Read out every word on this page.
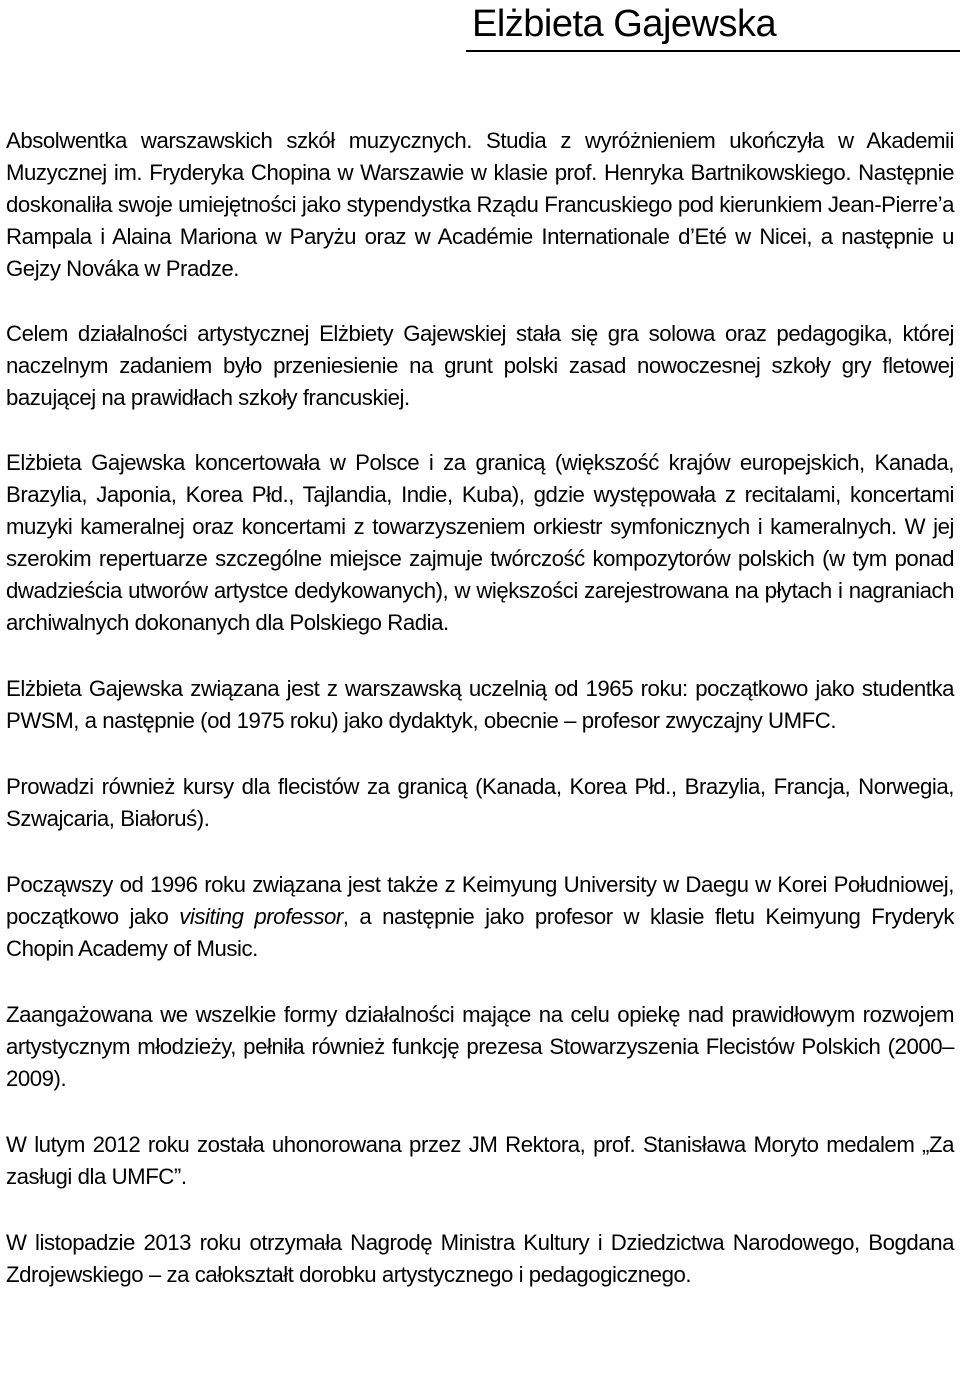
Elżbieta Gajewska

Absolwentka warszawskich szkół muzycznych. Studia z wyróżnieniem ukończyła w Akademii Muzycznej im. Fryderyka Chopina w Warszawie w klasie prof. Henryka Bartnikowskiego. Następnie doskonaliła swoje umiejętności jako stypendystka Rządu Francuskiego pod kierunkiem Jean-Pierre’a Rampala i Alaina Mariona w Paryżu oraz w Académie Internationale d’Eté w Nicei, a następnie u Gejzy Nováka w Pradze.

Celem działalności artystycznej Elżbiety Gajewskiej stała się gra solowa oraz pedagogika, której naczelnym zadaniem było przeniesienie na grunt polski zasad nowoczesnej szkoły gry fletowej bazującej na prawidłach szkoły francuskiej.

Elżbieta Gajewska koncertowała w Polsce i za granicą (większość krajów europejskich, Kanada, Brazylia, Japonia, Korea Płd., Tajlandia, Indie, Kuba), gdzie występowała z recitalami, koncertami muzyki kameralnej oraz koncertami z towarzyszeniem orkiestr symfonicznych i kameralnych. W jej szerokim repertuarze szczególne miejsce zajmuje twórczość kompozytorów polskich (w tym ponad dwadzieścia utworów artystce dedykowanych), w większości zarejestrowana na płytach i nagraniach archiwalnych dokonanych dla Polskiego Radia.

Elżbieta Gajewska związana jest z warszawską uczelnią od 1965 roku: początkowo jako studentka PWSM, a następnie (od 1975 roku) jako dydaktyk, obecnie – profesor zwyczajny UMFC.

Prowadzi również kursy dla flecistów za granicą (Kanada, Korea Płd., Brazylia, Francja, Norwegia, Szwajcaria, Białoruś).

Począwszy od 1996 roku związana jest także z Keimyung University w Daegu w Korei Południowej, początkowo jako visiting professor, a następnie jako profesor w klasie fletu Keimyung Fryderyk Chopin Academy of Music.

Zaangażowana we wszelkie formy działalności mające na celu opiekę nad prawidłowym rozwojem artystycznym młodzieży, pełniła również funkcję prezesa Stowarzyszenia Flecistów Polskich (2000–2009).

W lutym 2012 roku została uhonorowana przez JM Rektora, prof. Stanisława Moryto medalem „Za zasługi dla UMFC”.

W listopadzie 2013 roku otrzymała Nagrodę Ministra Kultury i Dziedzictwa Narodowego, Bogdana Zdrojewskiego – za całokształt dorobku artystycznego i pedagogicznego.
